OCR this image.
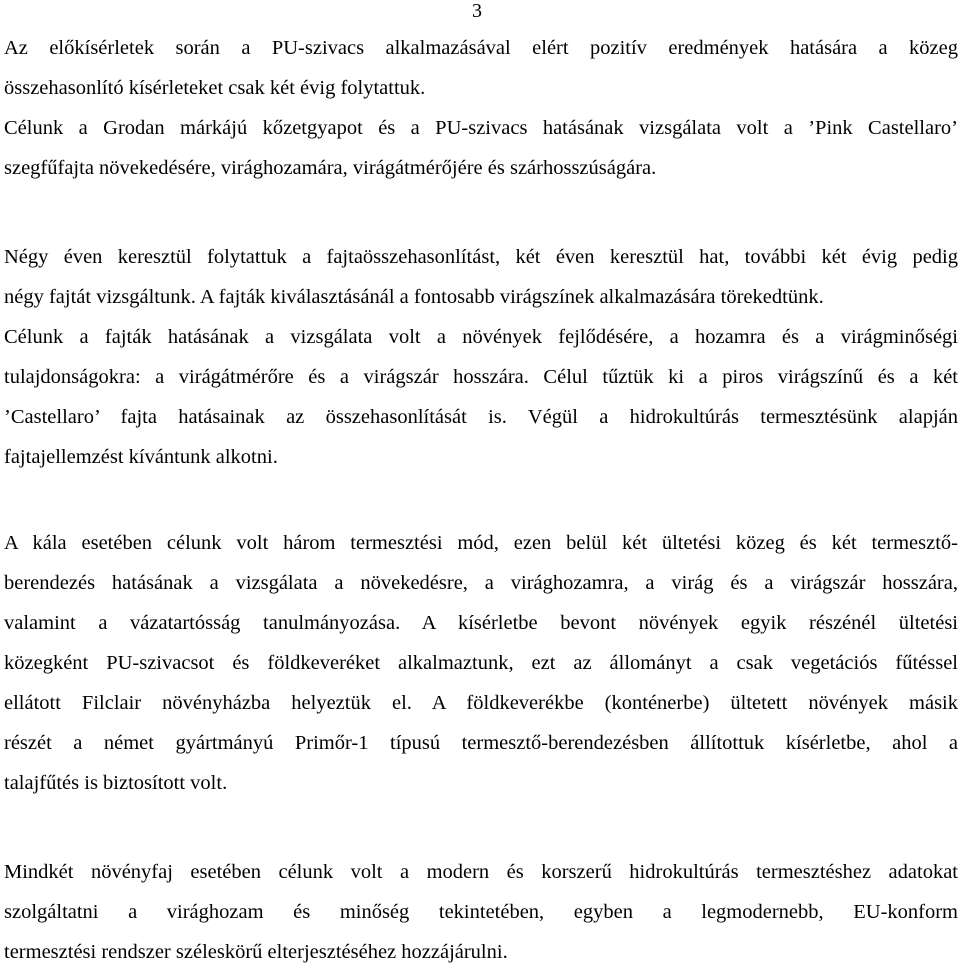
3
Az előkísérletek során a PU-szivacs alkalmazásával elért pozitív eredmények hatására a közeg
összehasonlító kísérleteket csak két évig folytattuk.
Célunk a Grodan márkájú kőzetgyapot és a PU-szivacs hatásának vizsgálata volt a ’Pink Castellaro’
szegfűfajta növekedésére, virághozamára, virágátmérőjére és szárhosszúságára.
Négy éven keresztül folytattuk a fajtaösszehasonlítást, két éven keresztül hat, további két évig pedig
négy fajtát vizsgáltunk. A fajták kiválasztásánál a fontosabb virágszínek alkalmazására törekedtünk.
Célunk a fajták hatásának a vizsgálata volt a növények fejlődésére, a hozamra és a virágminőségi
tulajdonságokra: a virágátmérőre és a virágszár hosszára. Célul tűztük ki a piros virágszínű és a két
’Castellaro’ fajta hatásainak az összehasonlítását is. Végül a hidrokultúrás termesztésünk alapján
fajtajellemzést kívántunk alkotni.
A kála esetében célunk volt három termesztési mód, ezen belül két ültetési közeg és két termesztő-
berendezés hatásának a vizsgálata a növekedésre, a virághozamra, a virág és a virágszár hosszára,
valamint a vázatartósság tanulmányozása. A kísérletbe bevont növények egyik részénél ültetési
közegként PU-szivacsot és földkeveréket alkalmaztunk, ezt az állományt a csak vegetációs fűtéssel
ellátott Filclair növényházba helyeztük el. A földkeverékbe (konténerbe) ültetett növények másik
részét a német gyártmányú Primőr-1 típusú termesztő-berendezésben állítottuk kísérletbe, ahol a
talajfűtés is biztosított volt.
Mindkét növényfaj esetében célunk volt a modern és korszerű hidrokultúrás termesztéshez adatokat
szolgáltatni a virághozam és minőség tekintetében, egyben a legmodernebb, EU-konform
termesztési rendszer széleskörű elterjesztéséhez hozzájárulni.
